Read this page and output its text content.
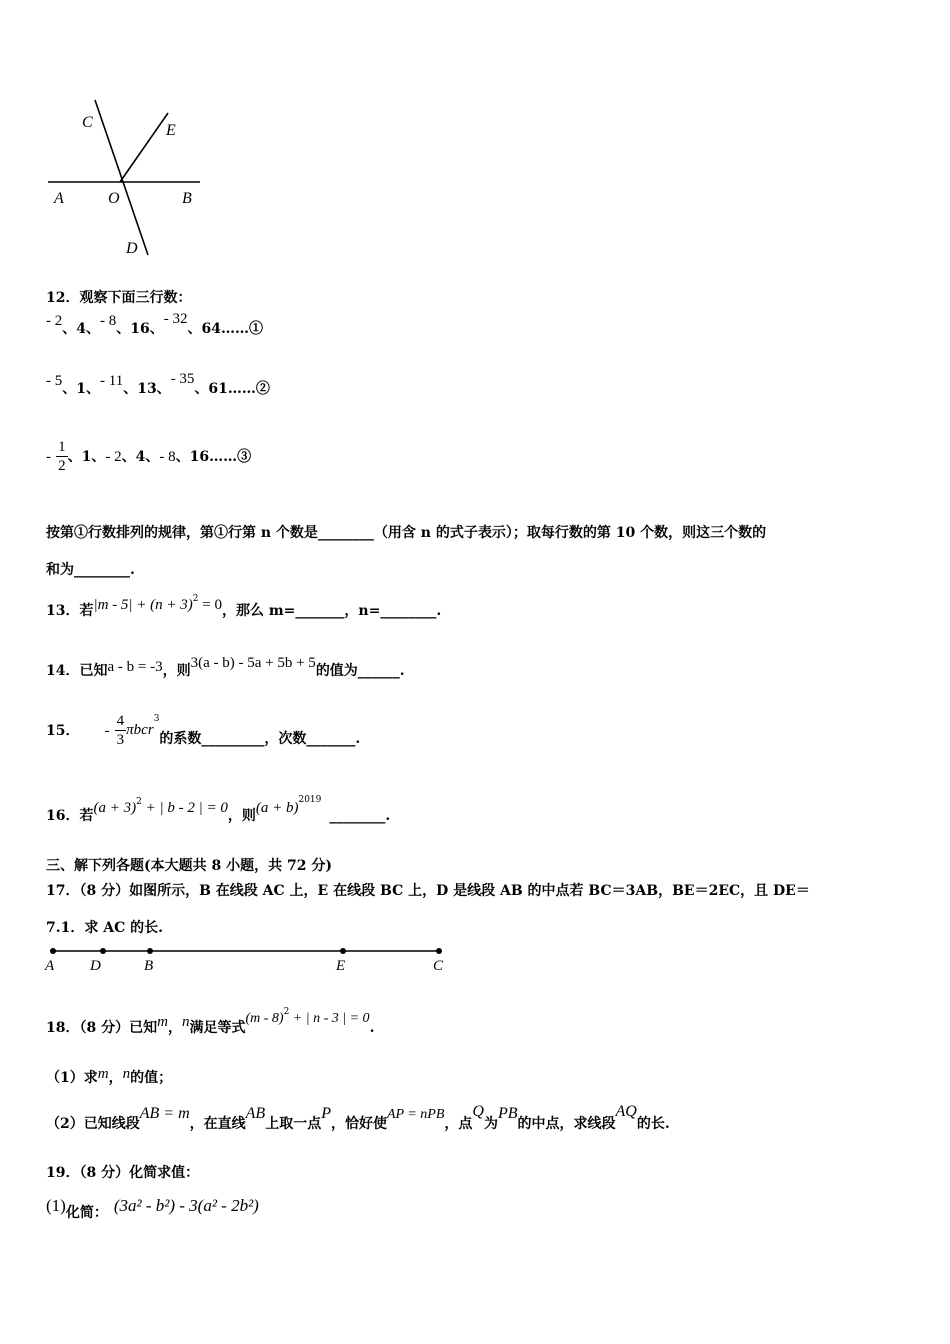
C	E
A	O	B
D
12．观察下面三行数：
- 2、4、- 8、16、- 32、64……①
- 5、1、- 11、13、- 35、61……②
- $\frac{1}{2}$ 、1、- 2、4、- 8、16……③
按第①行数排列的规律，第①行第 n 个数是________（用含 n 的式子表示）；取每行数的第 10 个数，则这三个数的
和为________.
13．若$|m - 5| + (n + 3)^2 = 0$，那么 m=_______，n=________.
14．已知a - b = -3，则3(a - b) - 5a + 5b + 5的值为______.
15． - $\frac{4}{3} \pi bcr^3$的系数_________，次数_______.
16．若$(a + 3)^2$ + | b - 2 | = 0，则$(a + b)^{2019}\_\_\_\_\_\_\_\_$.
三、解下列各题(本大题共 8 小题，共 72 分)
17．（8 分）如图所示，B 在线段 AC 上，E 在线段 BC 上，D 是线段 AB 的中点若 BC＝3AB，BE＝2EC，且 DE＝
7.1．求 AC 的长.
A D	B	E	C
18．（8 分）已知m，n满足等式(m - 8)$^2$ + | n - 3 | = 0.
（1）求m，n的值；
（2）已知线段AB = m，在直线AB上取一点P，恰好使AP = nPB，点Q为PB的中点，求线段AQ的长.
19．（8 分）化简求值：
(1)化简： (3a² - b²) - 3(a² - 2b²)
